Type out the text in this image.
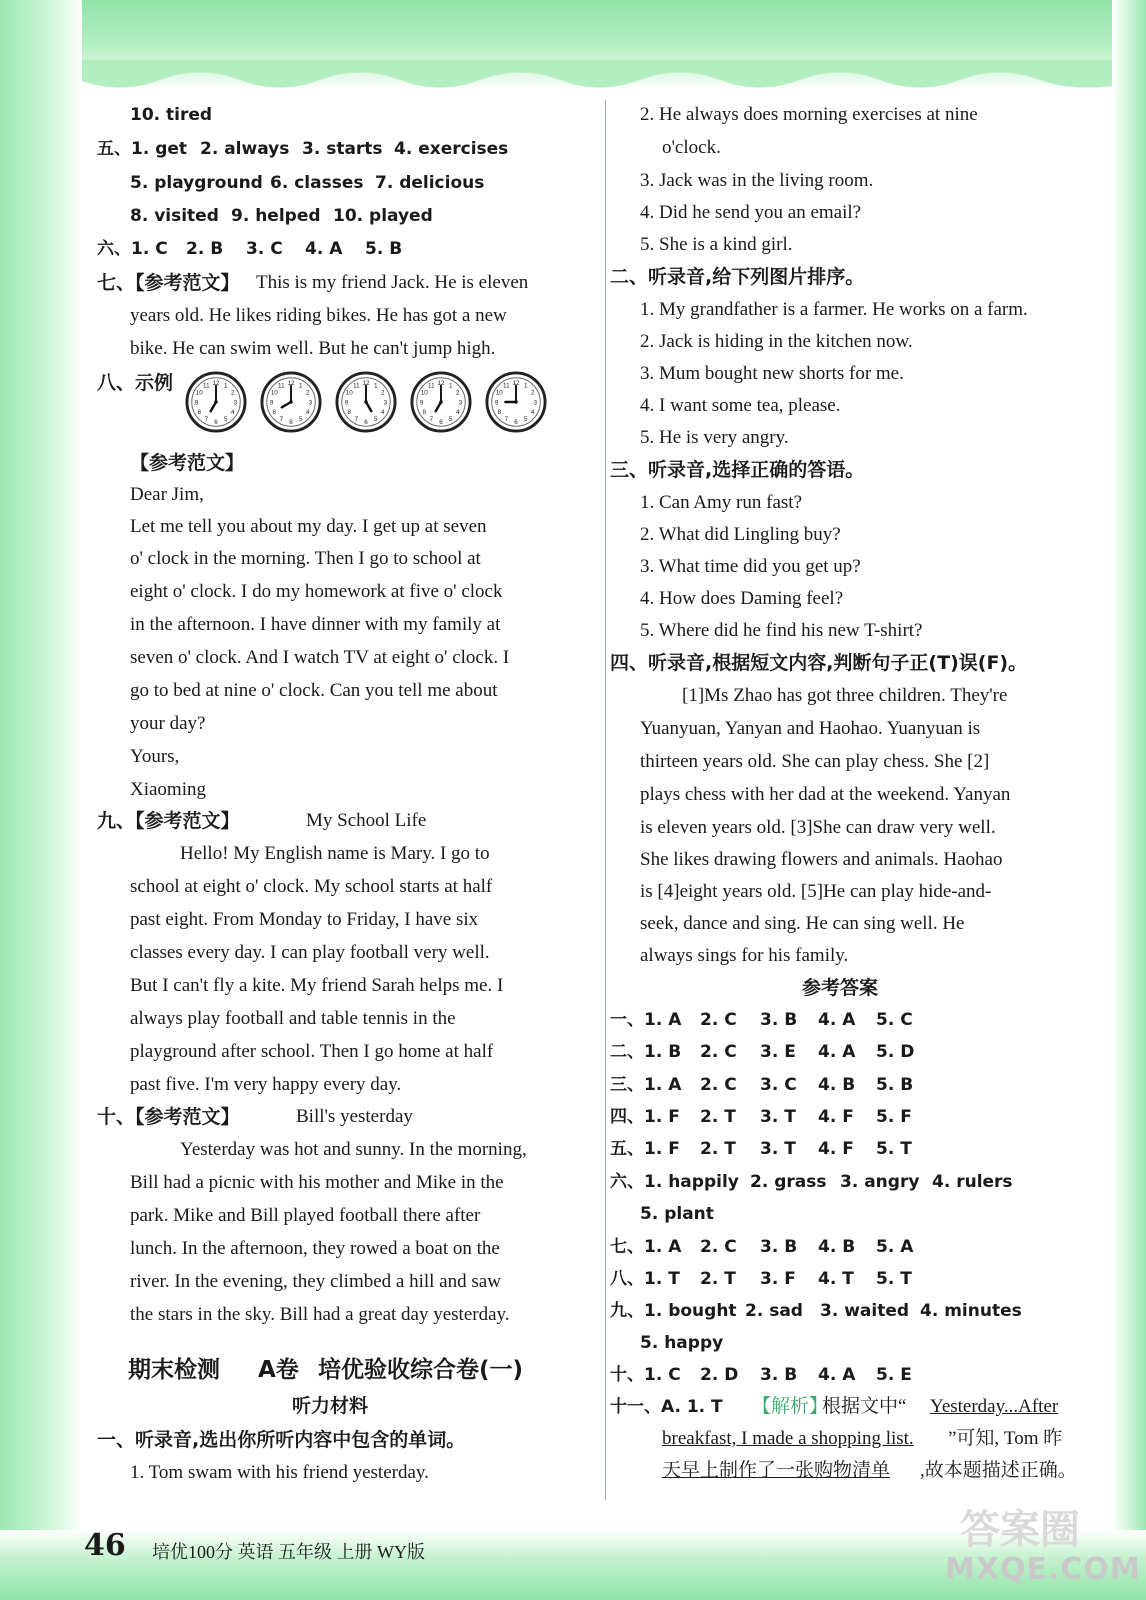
10. tired
五、1. get 2. always 3. starts 4. exercises
5. playground 6. classes 7. delicious
8. visited 9. helped 10. played
六、1. C 2. B 3. C 4. A 5. B
七、【参考范文】 This is my friend Jack. He is eleven
years old. He likes riding bikes. He has got a new
bike. He can swim well. But he can't jump high.
八、示例	1
2
3
4
5
6
7
8
9
10
11 12	1
2
3
4
5
6
7
8
9
10
11 12	1
2
3
4
5
6
7
8
9
10
11 12	1
2
3
4
5
6
7
8
9
10
11 12	1
2
3
4
5
6
7
8
9
10
11 12
【参考范文】
Dear Jim,
Let me tell you about my day. I get up at seven
o' clock in the morning. Then I go to school at
eight o' clock. I do my homework at five o' clock
in the afternoon. I have dinner with my family at
seven o' clock. And I watch TV at eight o' clock. I
go to bed at nine o' clock. Can you tell me about
your day?
Yours,
Xiaoming
九、【参考范文】	My School Life
Hello! My English name is Mary. I go to
school at eight o' clock. My school starts at half
past eight. From Monday to Friday, I have six
classes every day. I can play football very well.
But I can't fly a kite. My friend Sarah helps me. I
always play football and table tennis in the
playground after school. Then I go home at half
past five. I'm very happy every day.
十、【参考范文】	Bill's yesterday
Yesterday was hot and sunny. In the morning,
Bill had a picnic with his mother and Mike in the
park. Mike and Bill played football there after
lunch. In the afternoon, they rowed a boat on the
river. In the evening, they climbed a hill and saw
the stars in the sky. Bill had a great day yesterday.
期末检测 A卷 培优验收综合卷(一)
听力材料
一、听录音,选出你所听内容中包含的单词。
1. Tom swam with his friend yesterday.
2. He always does morning exercises at nine
o'clock.
3. Jack was in the living room.
4. Did he send you an email?
5. She is a kind girl.
二、听录音,给下列图片排序。
1. My grandfather is a farmer. He works on a farm.
2. Jack is hiding in the kitchen now.
3. Mum bought new shorts for me.
4. I want some tea, please.
5. He is very angry.
三、听录音,选择正确的答语。
1. Can Amy run fast?
2. What did Lingling buy?
3. What time did you get up?
4. How does Daming feel?
5. Where did he find his new T-shirt?
四、听录音,根据短文内容,判断句子正(T)误(F)。
[1]Ms Zhao has got three children. They're
Yuanyuan, Yanyan and Haohao. Yuanyuan is
thirteen years old. She can play chess. She [2]
plays chess with her dad at the weekend. Yanyan
is eleven years old. [3]She can draw very well.
She likes drawing flowers and animals. Haohao
is [4]eight years old. [5]He can play hide-and-
seek, dance and sing. He can sing well. He
always sings for his family.
参考答案
一、1. A 2. C 3. B 4. A 5. C
二、1. B 2. C 3. E 4. A 5. D
三、1. A 2. C 3. C 4. B 5. B
四、1. F 2. T 3. T 4. F 5. F
五、1. F 2. T 3. T 4. F 5. T
六、1. happily 2. grass 3. angry 4. rulers
5. plant
七、1. A 2. C 3. B 4. B 5. A
八、1. T 2. T 3. F 4. T 5. T
九、1. bought 2. sad 3. waited 4. minutes
5. happy
十、1. C 2. D 3. B 4. A 5. E
十一、A. 1. T 【解析】
根据文中“ Yesterday...After
breakfast, I made a shopping list. ”可知, Tom 昨
天早上制作了一张购物清单 ,故本题描述正确。
46 培优100分 英语 五年级 上册 WY版	答案圈
MXQE.COM
